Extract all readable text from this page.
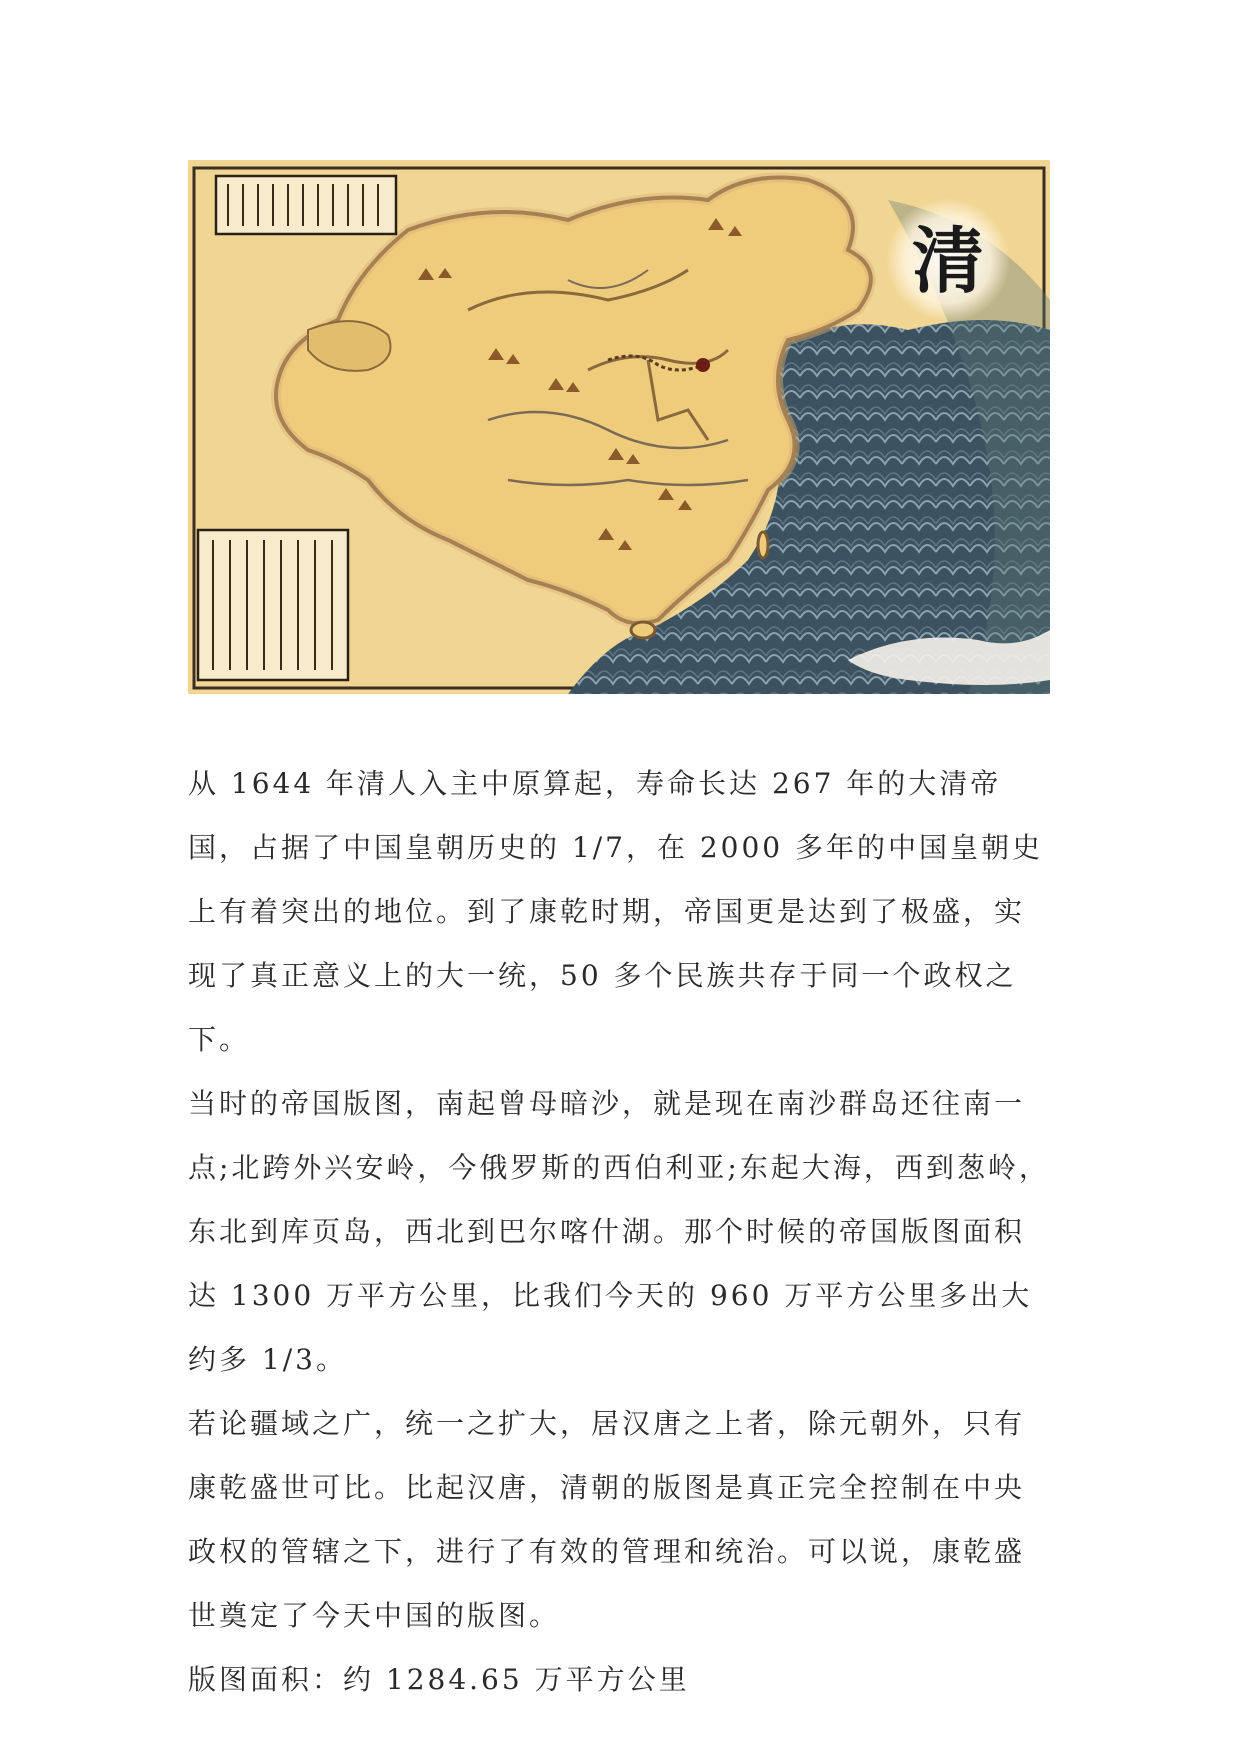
清

从 1644 年清人入主中原算起，寿命长达 267 年的大清帝国，占据了中国皇朝历史的 1/7，在 2000 多年的中国皇朝史上有着突出的地位。到了康乾时期，帝国更是达到了极盛，实现了真正意义上的大一统，50 多个民族共存于同一个政权之下。

当时的帝国版图，南起曾母暗沙，就是现在南沙群岛还往南一点;北跨外兴安岭，今俄罗斯的西伯利亚;东起大海，西到葱岭，东北到库页岛，西北到巴尔喀什湖。那个时候的帝国版图面积达 1300 万平方公里，比我们今天的 960 万平方公里多出大约多 1/3。

若论疆域之广，统一之扩大，居汉唐之上者，除元朝外，只有康乾盛世可比。比起汉唐，清朝的版图是真正完全控制在中央政权的管辖之下，进行了有效的管理和统治。可以说，康乾盛世奠定了今天中国的版图。

版图面积：约 1284.65 万平方公里
